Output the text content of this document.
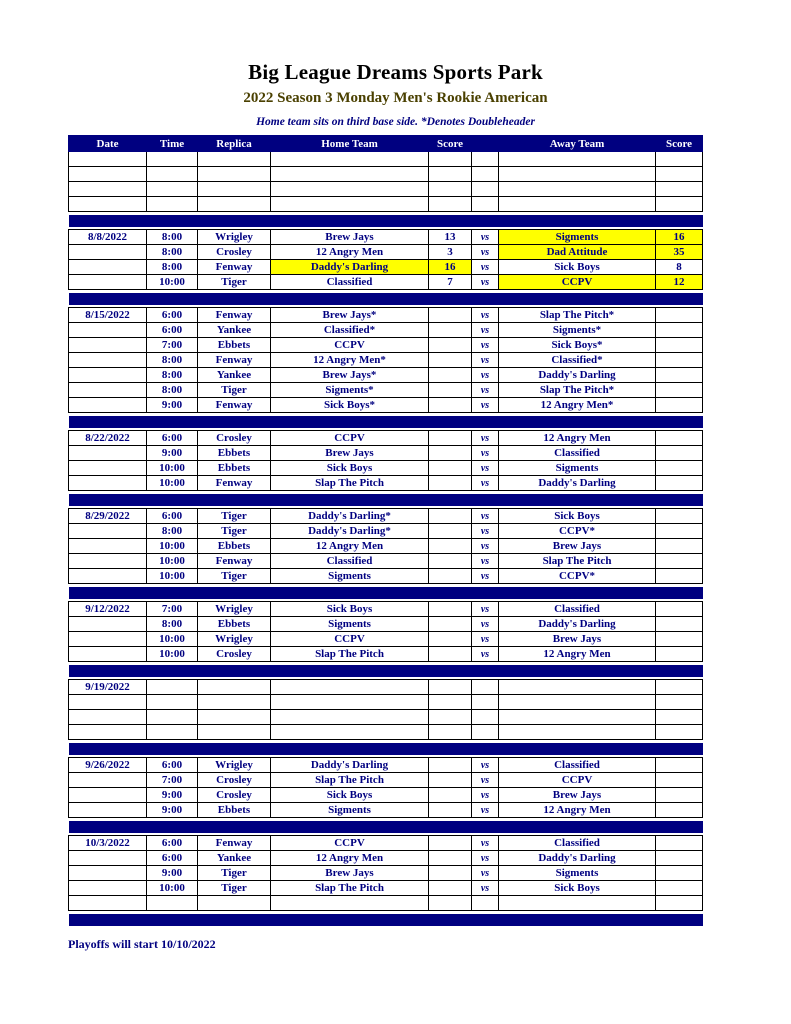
Big League Dreams Sports Park
2022 Season 3 Monday Men's Rookie American
Home team sits on third base side. *Denotes Doubleheader
Date	Time	Replica	Home Team	Score		Away Team	Score

8/8/2022	8:00	Wrigley	Brew Jays	13	vs	Sigments	16
	8:00	Crosley	12 Angry Men	3	vs	Dad Attitude	35
	8:00	Fenway	Daddy's Darling	16	vs	Sick Boys	8
	10:00	Tiger	Classified	7	vs	CCPV	12

8/15/2022	6:00	Fenway	Brew Jays*		vs	Slap The Pitch*	
	6:00	Yankee	Classified*		vs	Sigments*	
	7:00	Ebbets	CCPV		vs	Sick Boys*	
	8:00	Fenway	12 Angry Men*		vs	Classified*	
	8:00	Yankee	Brew Jays*		vs	Daddy's Darling	
	8:00	Tiger	Sigments*		vs	Slap The Pitch*	
	9:00	Fenway	Sick Boys*		vs	12 Angry Men*	

8/22/2022	6:00	Crosley	CCPV		vs	12 Angry Men	
	9:00	Ebbets	Brew Jays		vs	Classified	
	10:00	Ebbets	Sick Boys		vs	Sigments	
	10:00	Fenway	Slap The Pitch		vs	Daddy's Darling	

8/29/2022	6:00	Tiger	Daddy's Darling*		vs	Sick Boys	
	8:00	Tiger	Daddy's Darling*		vs	CCPV*	
	10:00	Ebbets	12 Angry Men		vs	Brew Jays	
	10:00	Fenway	Classified		vs	Slap The Pitch	
	10:00	Tiger	Sigments		vs	CCPV*	

9/12/2022	7:00	Wrigley	Sick Boys		vs	Classified	
	8:00	Ebbets	Sigments		vs	Daddy's Darling	
	10:00	Wrigley	CCPV		vs	Brew Jays	
	10:00	Crosley	Slap The Pitch		vs	12 Angry Men	

9/19/2022							

9/26/2022	6:00	Wrigley	Daddy's Darling		vs	Classified	
	7:00	Crosley	Slap The Pitch		vs	CCPV	
	9:00	Crosley	Sick Boys		vs	Brew Jays	
	9:00	Ebbets	Sigments		vs	12 Angry Men	

10/3/2022	6:00	Fenway	CCPV		vs	Classified	
	6:00	Yankee	12 Angry Men		vs	Daddy's Darling	
	9:00	Tiger	Brew Jays		vs	Sigments	
	10:00	Tiger	Slap The Pitch		vs	Sick Boys	

Playoffs will start 10/10/2022
